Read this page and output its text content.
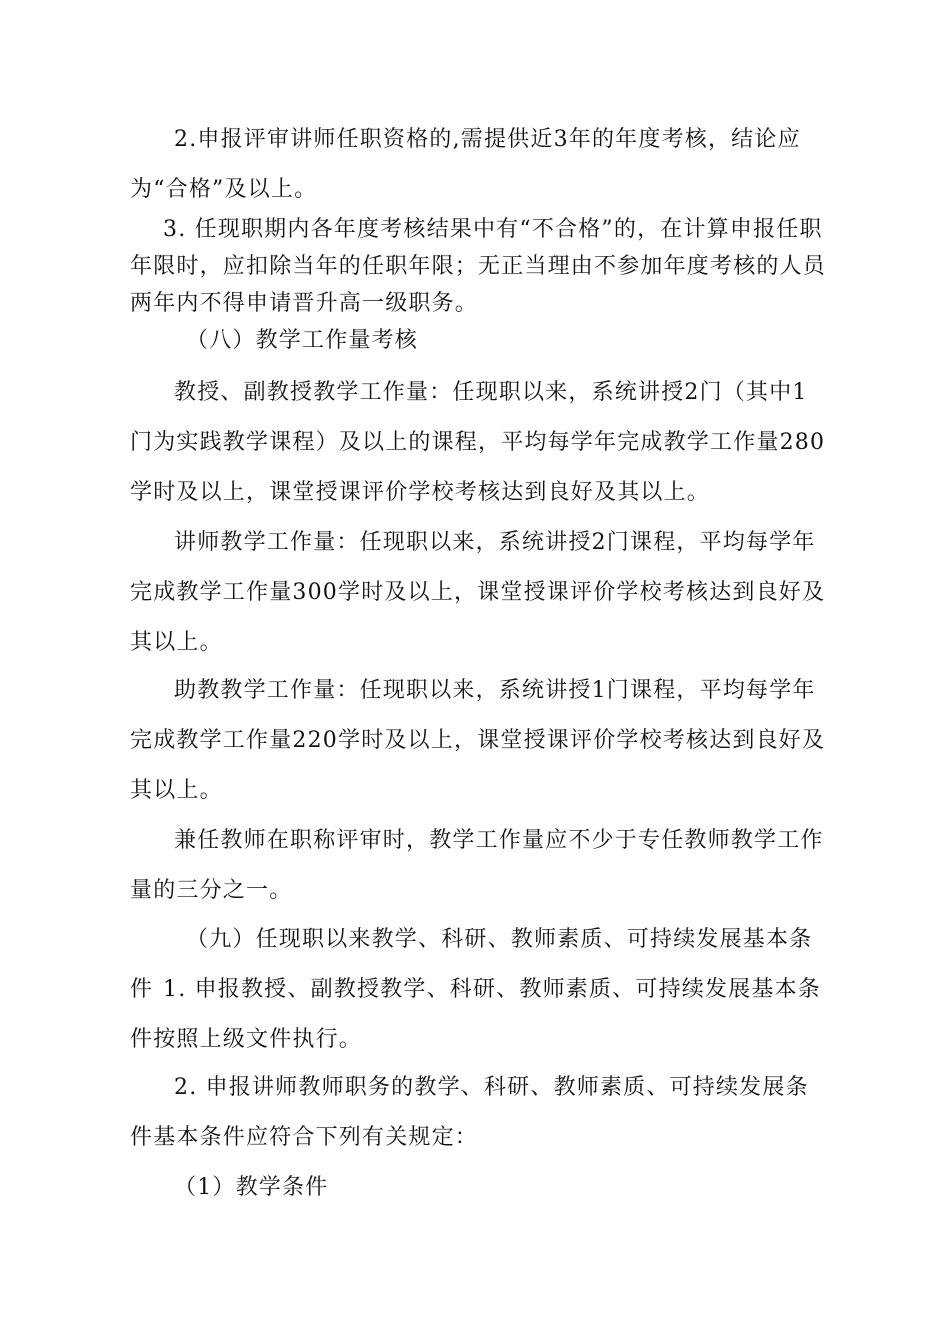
2.申报评审讲师任职资格的,需提供近3年的年度考核，结论应为“合格”及以上。

3. 任现职期内各年度考核结果中有“不合格”的，在计算申报任职年限时，应扣除当年的任职年限；无正当理由不参加年度考核的人员两年内不得申请晋升高一级职务。

（八）教学工作量考核

教授、副教授教学工作量：任现职以来，系统讲授2门（其中1门为实践教学课程）及以上的课程，平均每学年完成教学工作量280学时及以上，课堂授课评价学校考核达到良好及其以上。

讲师教学工作量：任现职以来，系统讲授2门课程，平均每学年完成教学工作量300学时及以上，课堂授课评价学校考核达到良好及其以上。

助教教学工作量：任现职以来，系统讲授1门课程，平均每学年完成教学工作量220学时及以上，课堂授课评价学校考核达到良好及其以上。

兼任教师在职称评审时，教学工作量应不少于专任教师教学工作量的三分之一。

（九）任现职以来教学、科研、教师素质、可持续发展基本条件 1. 申报教授、副教授教学、科研、教师素质、可持续发展基本条件按照上级文件执行。

2. 申报讲师教师职务的教学、科研、教师素质、可持续发展条件基本条件应符合下列有关规定：

（1）教学条件
